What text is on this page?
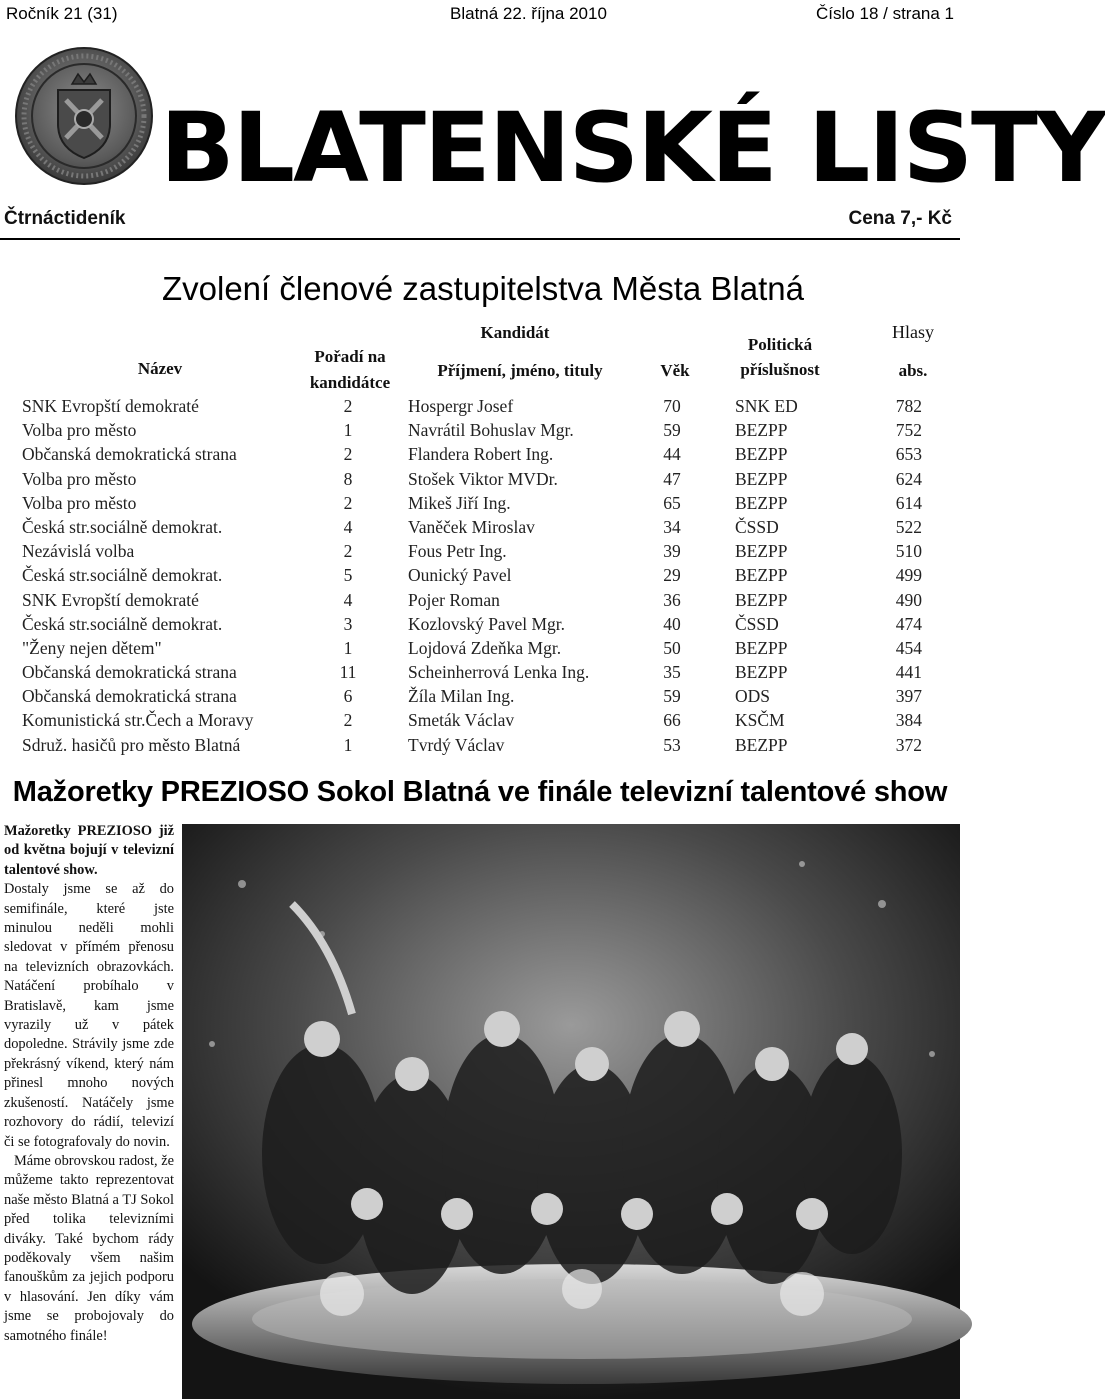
Ročník 21 (31)	Blatná 22. října 2010	Číslo 18 / strana 1
BLATENSKÉ LISTY
Čtrnáctideník	Cena 7,- Kč
Zvolení členové zastupitelstva Města Blatná
Název
Pořadí na
kandidátce
Kandidát
Příjmení, jméno, tituly	Věk
Politická
příslušnost
Hlasy
abs.
SNK Evropští demokraté	2	Hospergr Josef	70	SNK ED	782
Volba pro město	1	Navrátil Bohuslav Mgr.	59	BEZPP	752
Občanská demokratická strana	2	Flandera Robert Ing.	44	BEZPP	653
Volba pro město	8	Stošek Viktor MVDr.	47	BEZPP	624
Volba pro město	2	Mikeš Jiří Ing.	65	BEZPP	614
Česká str.sociálně demokrat.	4	Vaněček Miroslav	34	ČSSD	522
Nezávislá volba	2	Fous Petr Ing.	39	BEZPP	510
Česká str.sociálně demokrat.	5	Ounický Pavel	29	BEZPP	499
SNK Evropští demokraté	4	Pojer Roman	36	BEZPP	490
Česká str.sociálně demokrat.	3	Kozlovský Pavel Mgr.	40	ČSSD	474
"Ženy nejen dětem"	1	Lojdová Zdeňka Mgr.	50	BEZPP	454
Občanská demokratická strana	11	Scheinherrová Lenka Ing.	35	BEZPP	441
Občanská demokratická strana	6	Žíla Milan Ing.	59	ODS	397
Komunistická str.Čech a Moravy	2	Smeták Václav	66	KSČM	384
Sdruž. hasičů pro město Blatná	1	Tvrdý Václav	53	BEZPP	372
Mažoretky PREZIOSO Sokol Blatná ve finále televizní talentové show

Mažoretky PREZIOSO již od května bojují v televizní talentové show.

Dostaly jsme se až do semifinále, které jste minulou neděli mohli sledovat v přímém přenosu na televizních obrazovkách. Natáčení probíhalo v Bratislavě, kam jsme vyrazily už v pátek dopoledne. Strávily jsme zde překrásný víkend, který nám přinesl mnoho nových zkušeností. Natáčely jsme rozhovory do rádií, televizí či se fotografovaly do novin.

Máme obrovskou radost, že můžeme takto reprezentovat naše město Blatná a TJ Sokol před tolika televizními diváky. Také bychom rády poděkovaly všem našim fanouškům za jejich podporu v hlasování. Jen díky vám jsme se probojovaly do samotného finále!
